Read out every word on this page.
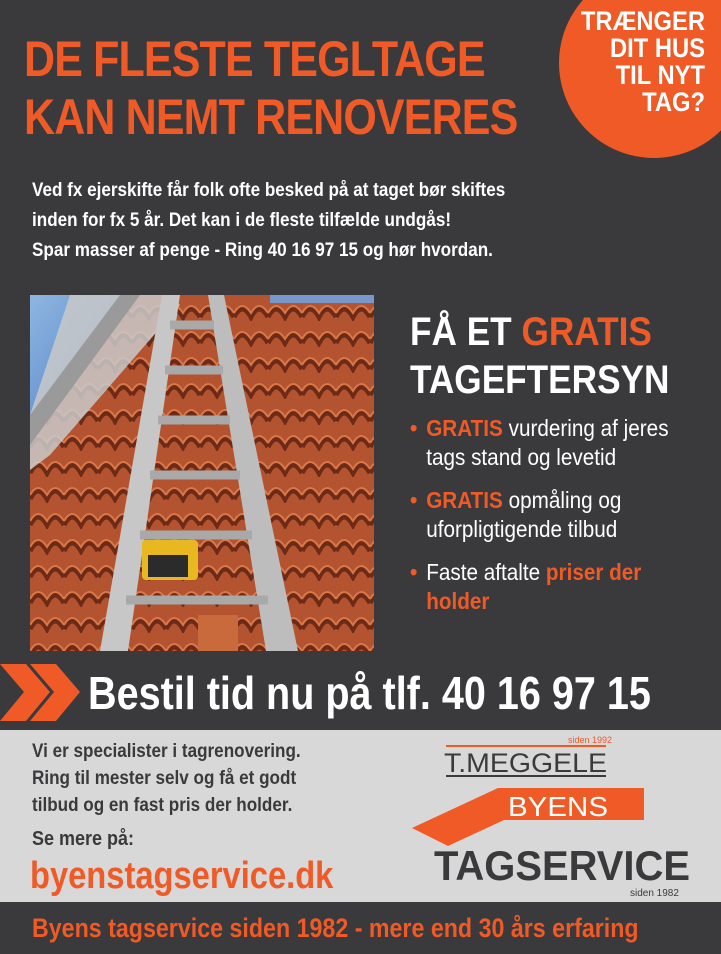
TRÆNGER
DIT HUS
TIL NYT
TAG?
DE FLESTE TEGLTAGE
KAN NEMT RENOVERES
Ved fx ejerskifte får folk ofte besked på at taget bør skiftes
inden for fx 5 år. Det kan i de fleste tilfælde undgås!
Spar masser af penge - Ring 40 16 97 15 og hør hvordan.
FÅ ET GRATIS
TAGEFTERSYN
• GRATIS vurdering af jeres tags stand og levetid
• GRATIS opmåling og uforpligtigende tilbud
• Faste aftalte priser der holder
Bestil tid nu på tlf. 40 16 97 15
Vi er specialister i tagrenovering.
Ring til mester selv og få et godt
tilbud og en fast pris der holder.
Se mere på:
byenstagservice.dk
siden 1992
T.MEGGELE
BYENS
TAGSERVICE
siden 1982
Byens tagservice siden 1982 - mere end 30 års erfaring
